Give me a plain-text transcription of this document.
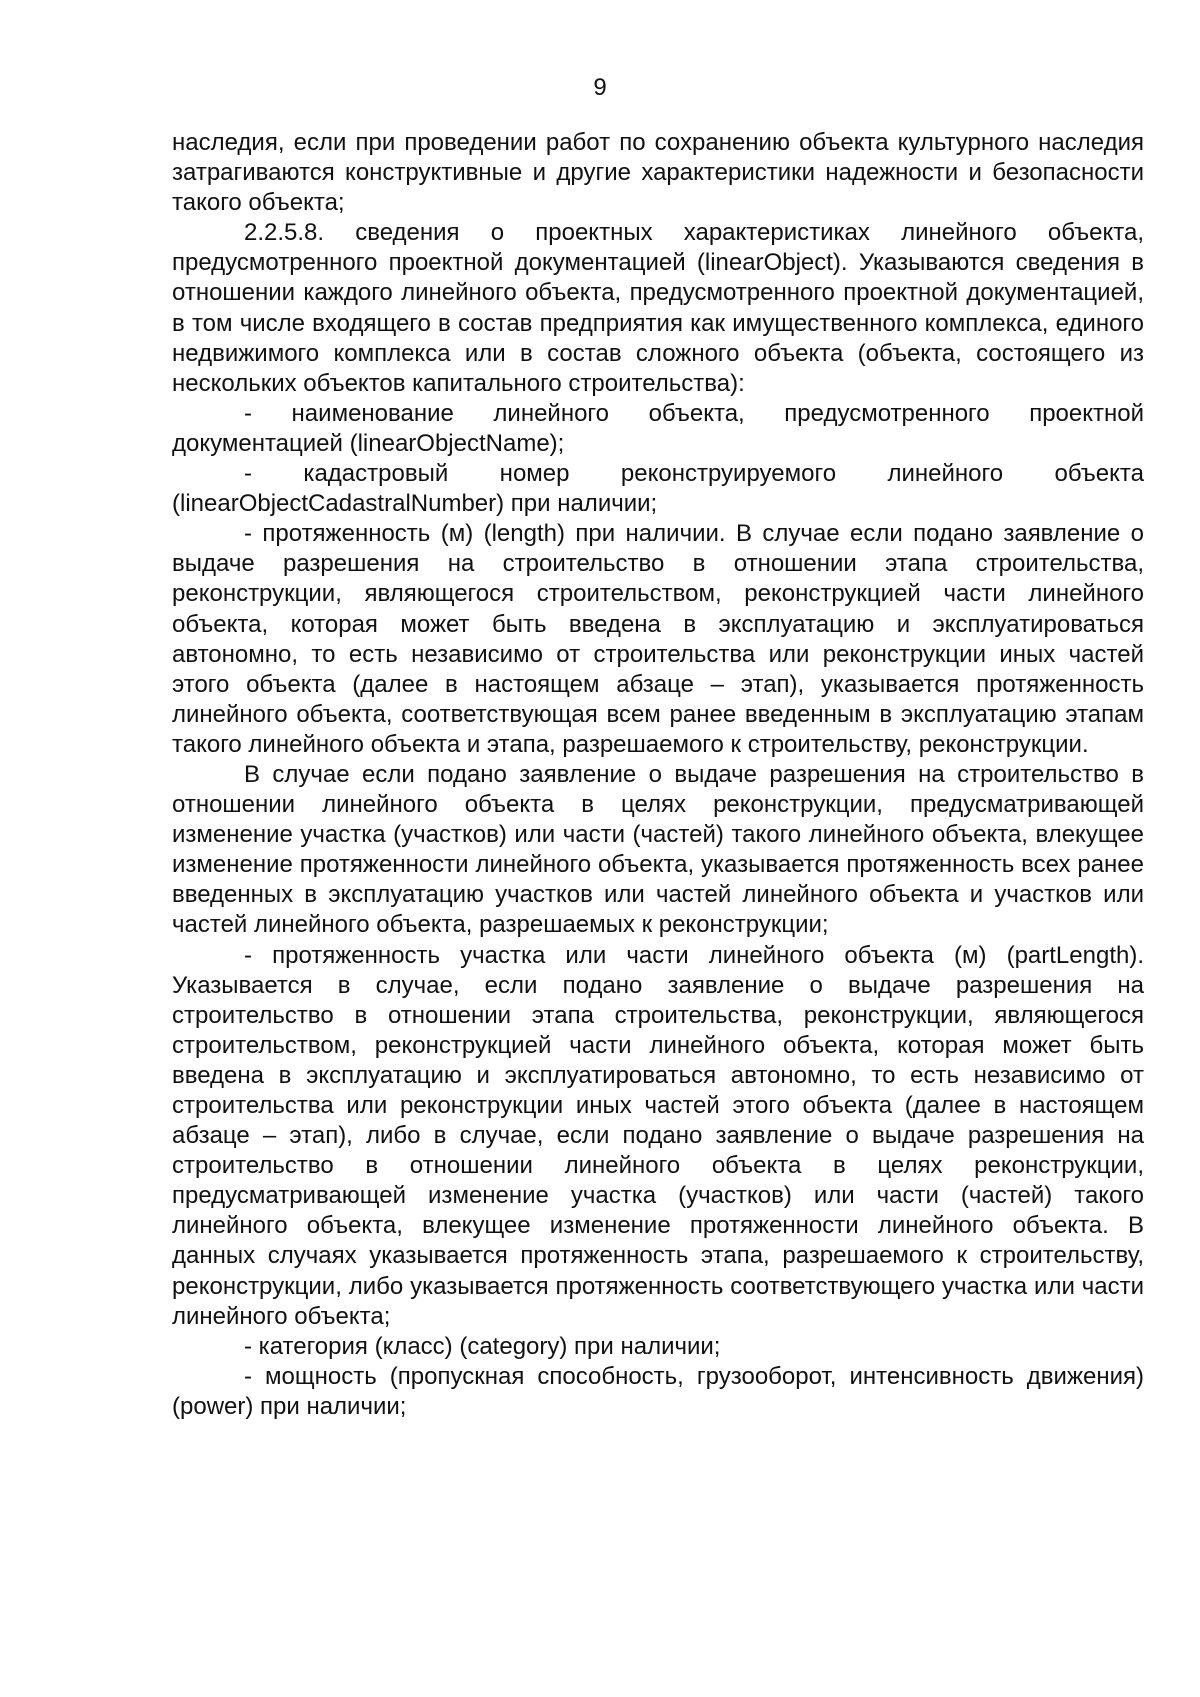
9

наследия, если при проведении работ по сохранению объекта культурного наследия затрагиваются конструктивные и другие характеристики надежности и безопасности такого объекта;

2.2.5.8. сведения о проектных характеристиках линейного объекта, предусмотренного проектной документацией (linearObject). Указываются сведения в отношении каждого линейного объекта, предусмотренного проектной документацией, в том числе входящего в состав предприятия как имущественного комплекса, единого недвижимого комплекса или в состав сложного объекта (объекта, состоящего из нескольких объектов капитального строительства):

- наименование линейного объекта, предусмотренного проектной документацией (linearObjectName);

- кадастровый номер реконструируемого линейного объекта (linearObjectCadastralNumber) при наличии;

- протяженность (м) (length) при наличии. В случае если подано заявление о выдаче разрешения на строительство в отношении этапа строительства, реконструкции, являющегося строительством, реконструкцией части линейного объекта, которая может быть введена в эксплуатацию и эксплуатироваться автономно, то есть независимо от строительства или реконструкции иных частей этого объекта (далее в настоящем абзаце – этап), указывается протяженность линейного объекта, соответствующая всем ранее введенным в эксплуатацию этапам такого линейного объекта и этапа, разрешаемого к строительству, реконструкции.

В случае если подано заявление о выдаче разрешения на строительство в отношении линейного объекта в целях реконструкции, предусматривающей изменение участка (участков) или части (частей) такого линейного объекта, влекущее изменение протяженности линейного объекта, указывается протяженность всех ранее введенных в эксплуатацию участков или частей линейного объекта и участков или частей линейного объекта, разрешаемых к реконструкции;

- протяженность участка или части линейного объекта (м) (partLength). Указывается в случае, если подано заявление о выдаче разрешения на строительство в отношении этапа строительства, реконструкции, являющегося строительством, реконструкцией части линейного объекта, которая может быть введена в эксплуатацию и эксплуатироваться автономно, то есть независимо от строительства или реконструкции иных частей этого объекта (далее в настоящем абзаце – этап), либо в случае, если подано заявление о выдаче разрешения на строительство в отношении линейного объекта в целях реконструкции, предусматривающей изменение участка (участков) или части (частей) такого линейного объекта, влекущее изменение протяженности линейного объекта. В данных случаях указывается протяженность этапа, разрешаемого к строительству, реконструкции, либо указывается протяженность соответствующего участка или части линейного объекта;

- категория (класс) (category) при наличии;

- мощность (пропускная способность, грузооборот, интенсивность движения) (power) при наличии;
